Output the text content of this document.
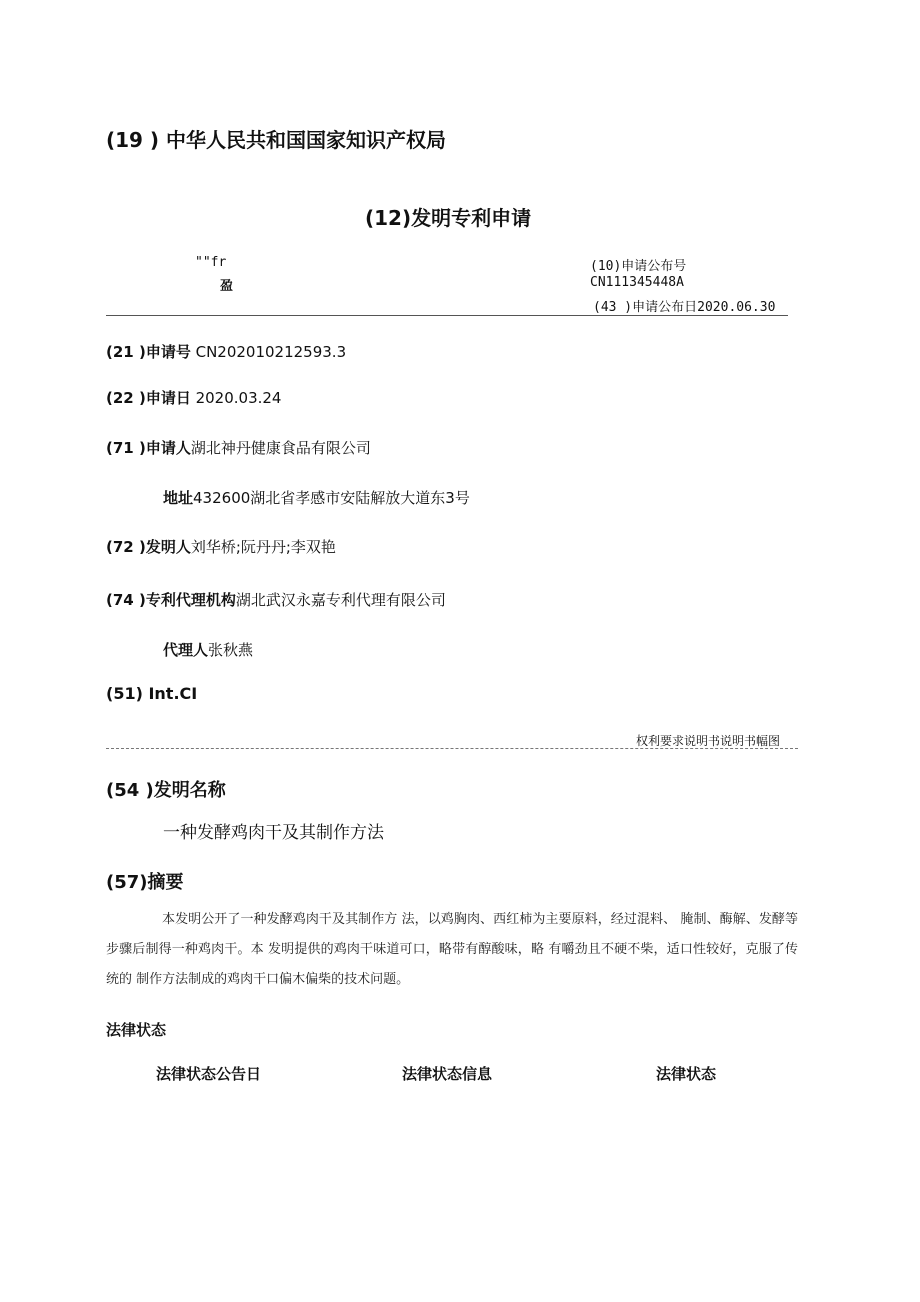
(19 ) 中华人民共和国国家知识产权局
(12)发明专利申请
""fr
盈
(10)申请公布号
CN111345448A
(43 )申请公布日2020.06.30
(21 )申请号 CN202010212593.3
(22 )申请日 2020.03.24
(71 )申请人湖北神丹健康食品有限公司
地址432600湖北省孝感市安陆解放大道东3号
(72 )发明人刘华桥;阮丹丹;李双艳
(74 )专利代理机构湖北武汉永嘉专利代理有限公司
代理人张秋燕
(51) Int.CI
权利要求说明书说明书幅图
(54 )发明名称
一种发酵鸡肉干及其制作方法
(57)摘要
本发明公开了一种发酵鸡肉干及其制作方 法，以鸡胸肉、西红柿为主要原料，经过混料、 腌制、酶解、发酵等步骤后制得一种鸡肉干。本 发明提供的鸡肉干味道可口，略带有醇酸味，略 有嚼劲且不硬不柴，适口性较好，克服了传统的 制作方法制成的鸡肉干口偏木偏柴的技术问题。
法律状态
法律状态公告日	法律状态信息	法律状态
